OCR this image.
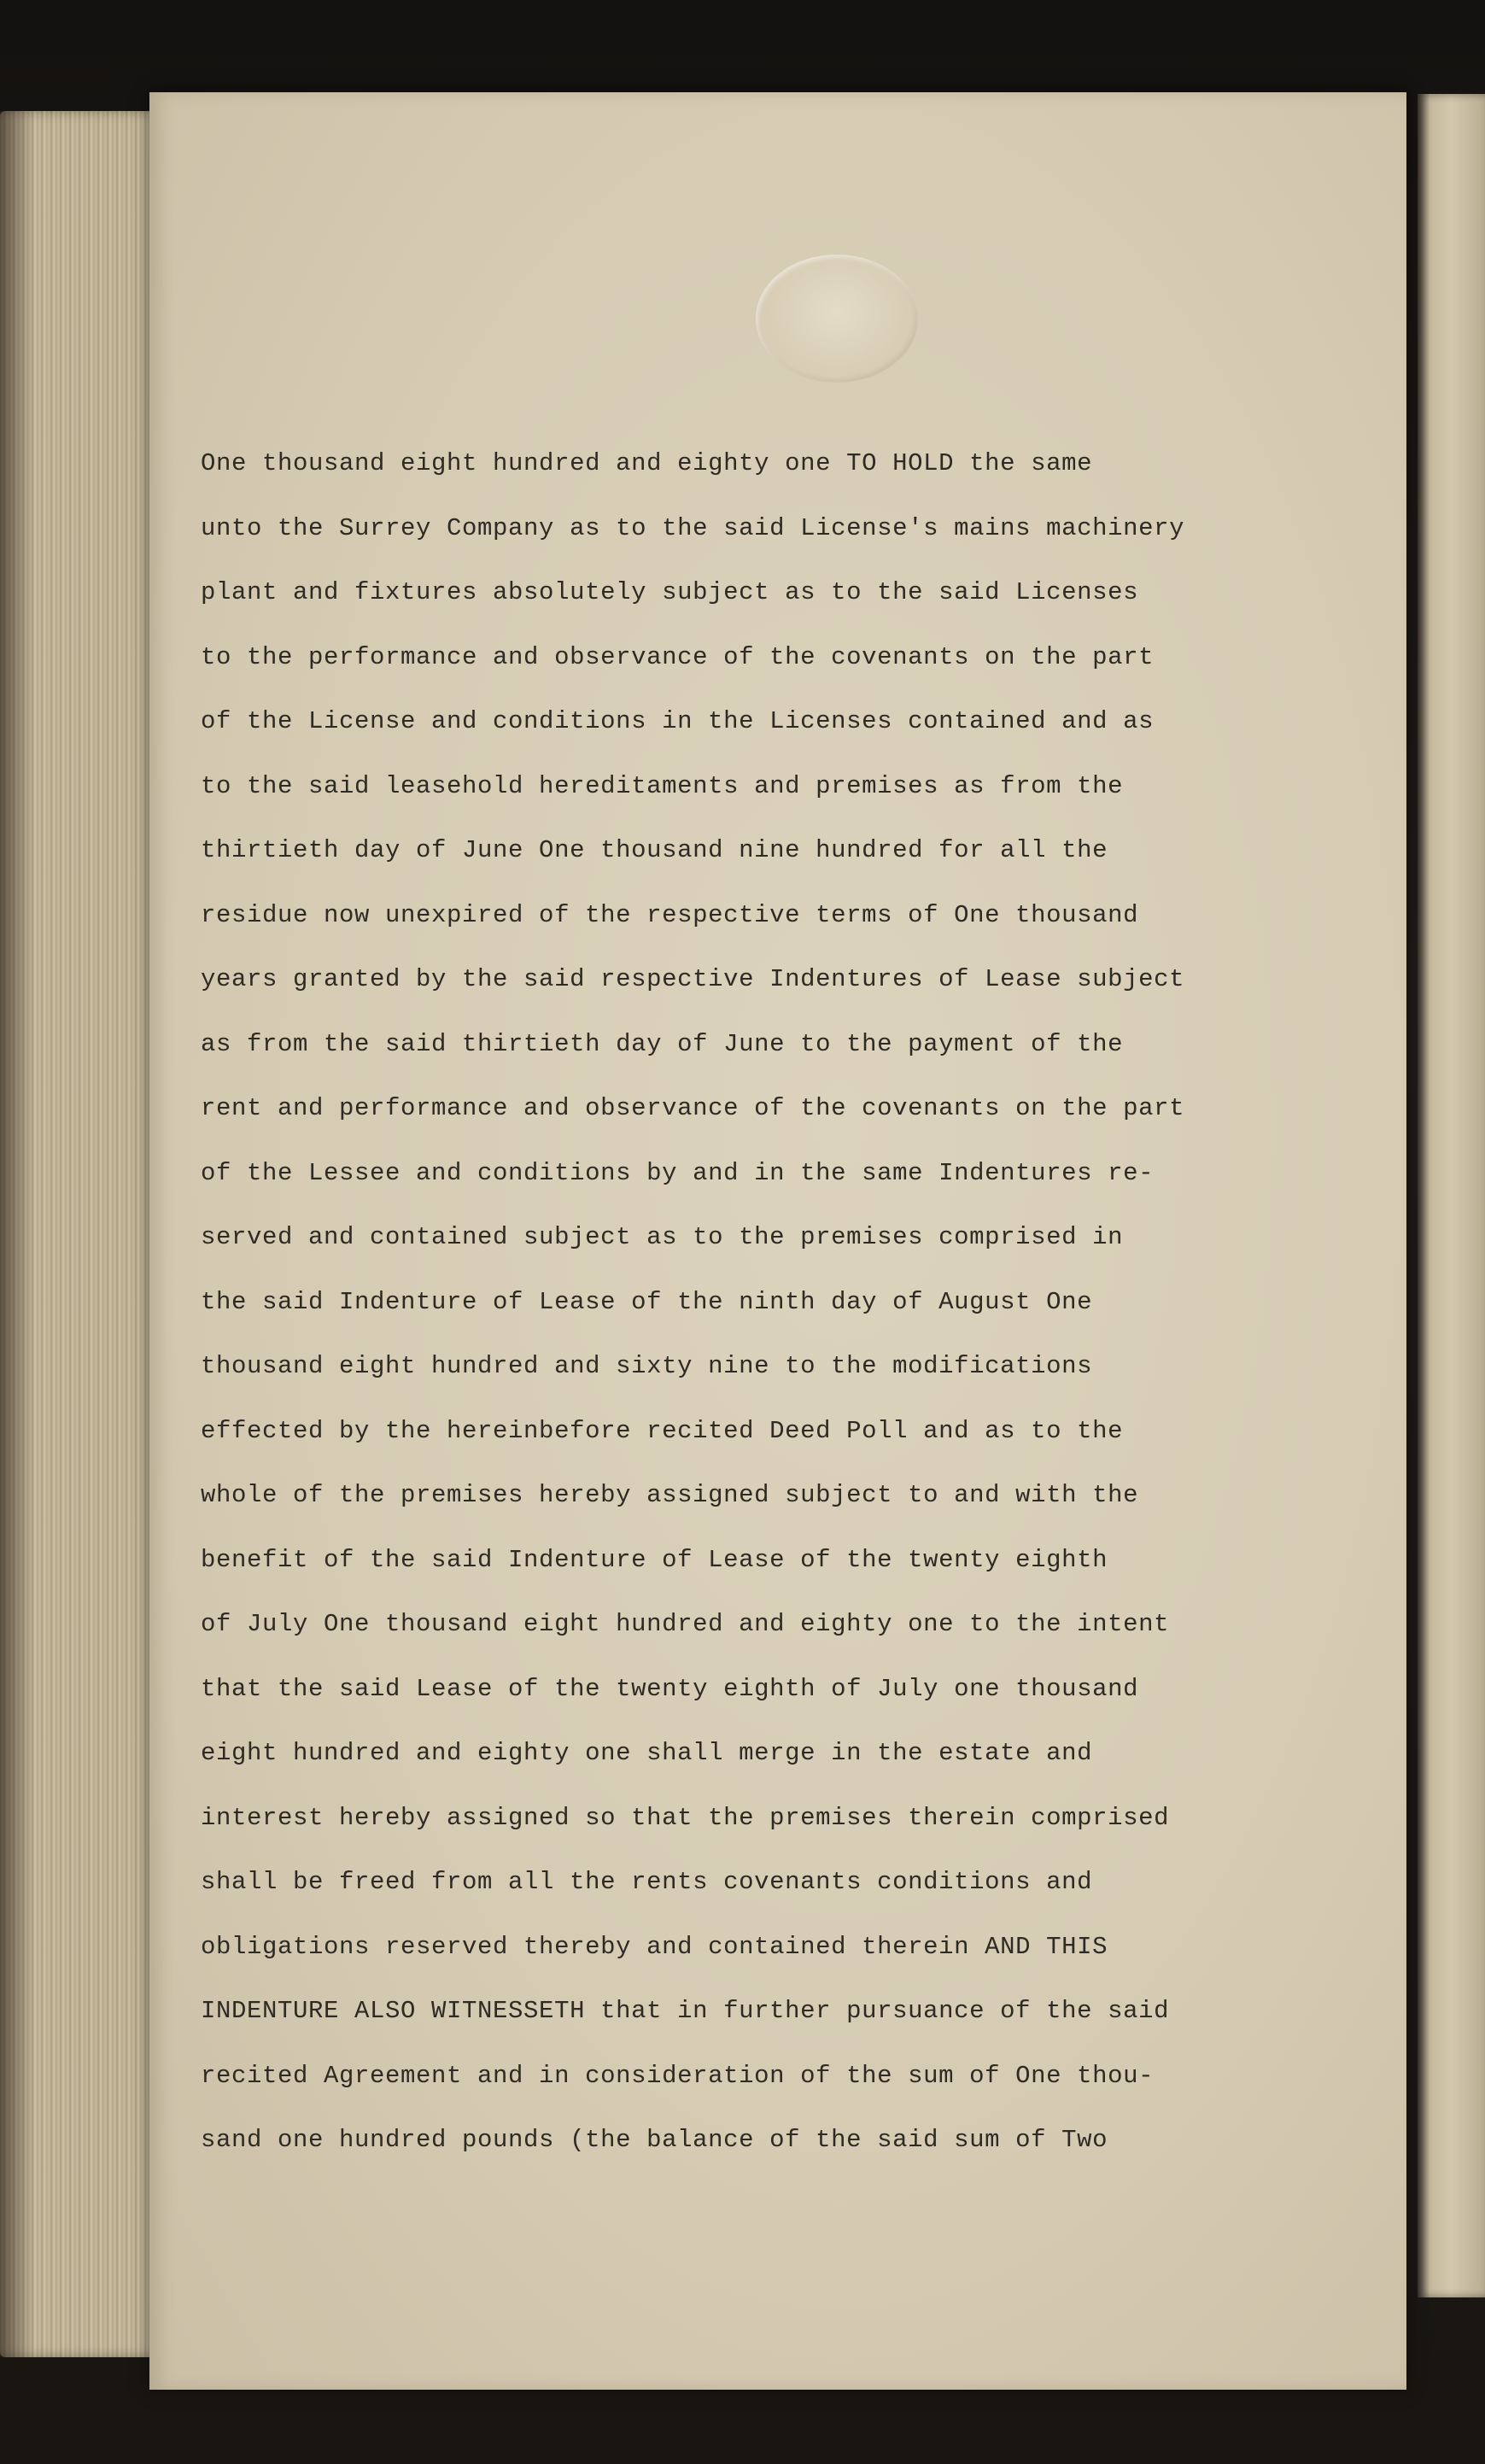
One thousand eight hundred and eighty one TO HOLD the same
unto the Surrey Company as to the said License's mains machinery
plant and fixtures absolutely subject as to the said Licenses
to the performance and observance of the covenants on the part
of the License and conditions in the Licenses contained and as
to the said leasehold hereditaments and premises as from the
thirtieth day of June One thousand nine hundred for all the
residue now unexpired of the respective terms of One thousand
years granted by the said respective Indentures of Lease subject
as from the said thirtieth day of June to the payment of the
rent and performance and observance of the covenants on the part
of the Lessee and conditions by and in the same Indentures re-
served and contained subject as to the premises comprised in
the said Indenture of Lease of the ninth day of August One
thousand eight hundred and sixty nine to the modifications
effected by the hereinbefore recited Deed Poll and as to the
whole of the premises hereby assigned subject to and with the
benefit of the said Indenture of Lease of the twenty eighth
of July One thousand eight hundred and eighty one to the intent
that the said Lease of the twenty eighth of July one thousand
eight hundred and eighty one shall merge in the estate and
interest hereby assigned so that the premises therein comprised
shall be freed from all the rents covenants conditions and
obligations reserved thereby and contained therein AND THIS
INDENTURE ALSO WITNESSETH that in further pursuance of the said
recited Agreement and in consideration of the sum of One thou-
sand one hundred pounds (the balance of the said sum of Two
